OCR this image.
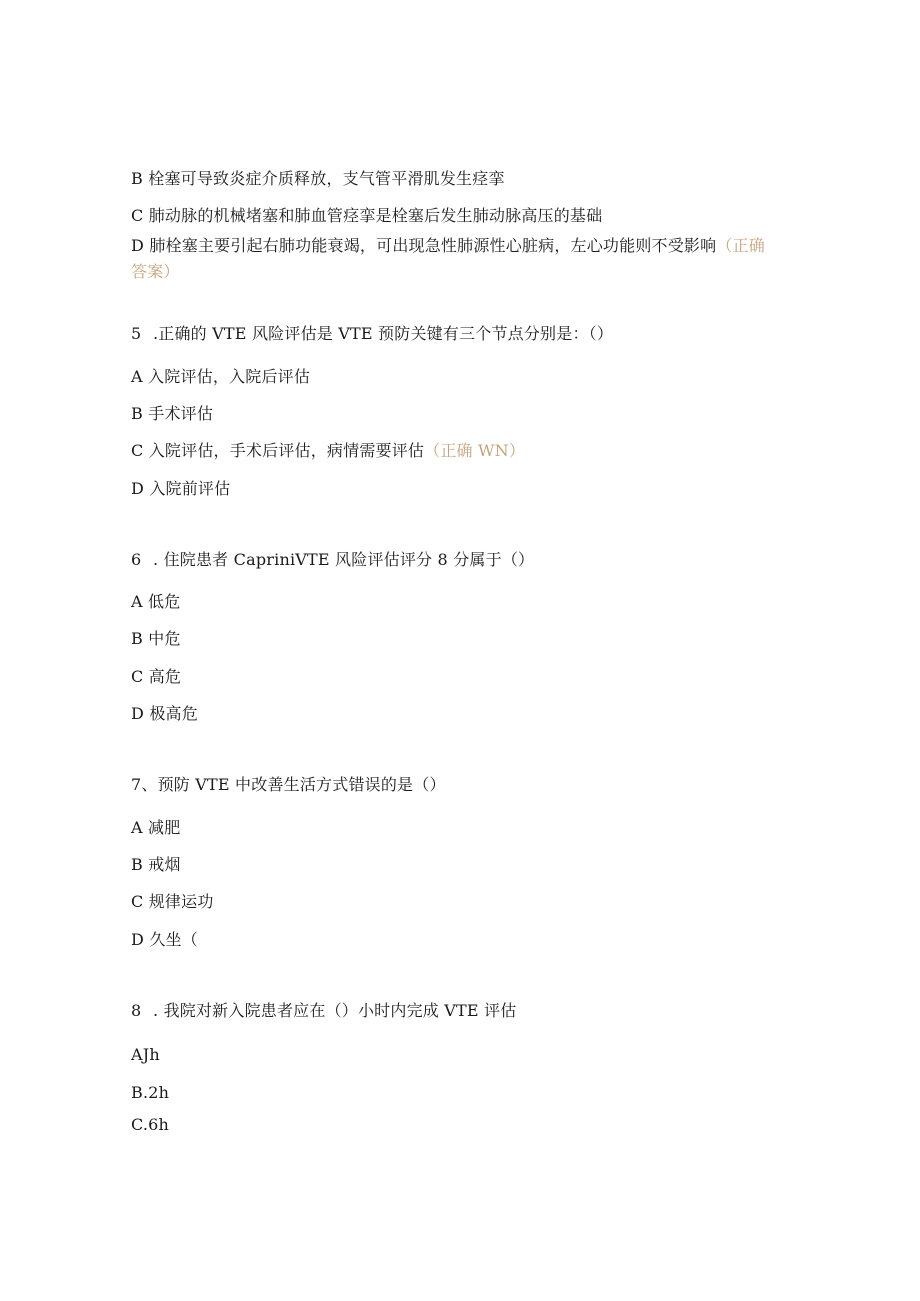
B 栓塞可导致炎症介质释放，支气管平滑肌发生痉挛
C 肺动脉的机械堵塞和肺血管痉挛是栓塞后发生肺动脉高压的基础
D 肺栓塞主要引起右肺功能衰竭，可出现急性肺源性心脏病，左心功能则不受影响（正确答案）
5 .正确的 VTE 风险评估是 VTE 预防关键有三个节点分别是：（）
A 入院评估，入院后评估
B 手术评估
C 入院评估，手术后评估，病情需要评估（正确 WN）
D 入院前评估
6 . 住院患者 CapriniVTE 风险评估评分 8 分属于（）
A 低危
B 中危
C 高危
D 极高危
7、预防 VTE 中改善生活方式错误的是（）
A 减肥
B 戒烟
C 规律运功
D 久坐（
8 . 我院对新入院患者应在（）小时内完成 VTE 评估
AJh
B.2h
C.6h
